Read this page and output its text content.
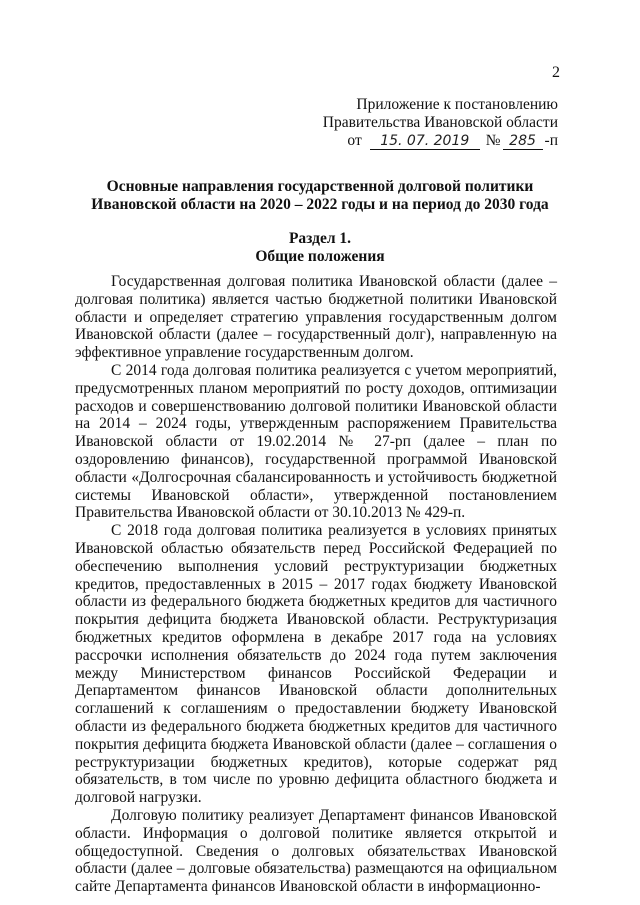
2
Приложение к постановлению
Правительства Ивановской области
от	15. 07. 2019	№ 285 -п
Основные направления государственной долговой политики
Ивановской области на 2020 – 2022 годы и на период до 2030 года
Раздел 1.
Общие положения

Государственная долговая политика Ивановской области (далее – долговая политика) является частью бюджетной политики Ивановской области и определяет стратегию управления государственным долгом Ивановской области (далее – государственный долг), направленную на эффективное управление государственным долгом.

С 2014 года долговая политика реализуется с учетом мероприятий, предусмотренных планом мероприятий по росту доходов, оптимизации расходов и совершенствованию долговой политики Ивановской области на 2014 – 2024 годы, утвержденным распоряжением Правительства Ивановской области от 19.02.2014 № 27-рп (далее – план по оздоровлению финансов), государственной программой Ивановской области «Долгосрочная сбалансированность и устойчивость бюджетной системы Ивановской области», утвержденной постановлением Правительства Ивановской области от 30.10.2013 № 429-п.

С 2018 года долговая политика реализуется в условиях принятых Ивановской областью обязательств перед Российской Федерацией по обеспечению выполнения условий реструктуризации бюджетных кредитов, предоставленных в 2015 – 2017 годах бюджету Ивановской области из федерального бюджета бюджетных кредитов для частичного покрытия дефицита бюджета Ивановской области. Реструктуризация бюджетных кредитов оформлена в декабре 2017 года на условиях рассрочки исполнения обязательств до 2024 года путем заключения между Министерством финансов Российской Федерации и Департаментом финансов Ивановской области дополнительных соглашений к соглашениям о предоставлении бюджету Ивановской области из федерального бюджета бюджетных кредитов для частичного покрытия дефицита бюджета Ивановской области (далее – соглашения о реструктуризации бюджетных кредитов), которые содержат ряд обязательств, в том числе по уровню дефицита областного бюджета и долговой нагрузки.

Долговую политику реализует Департамент финансов Ивановской области. Информация о долговой политике является открытой и общедоступной. Сведения о долговых обязательствах Ивановской области (далее – долговые обязательства) размещаются на официальном сайте Департамента финансов Ивановской области в информационно-
